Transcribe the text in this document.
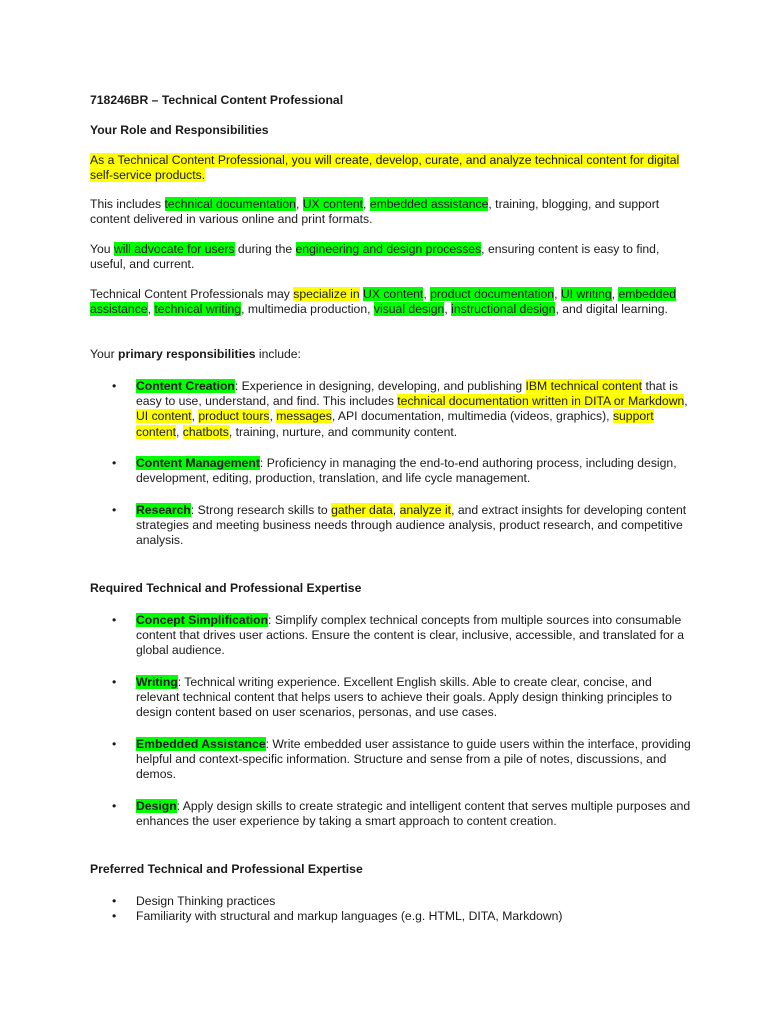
718246BR – Technical Content Professional

Your Role and Responsibilities

As a Technical Content Professional, you will create, develop, curate, and analyze technical content for digital self-service products.

This includes technical documentation, UX content, embedded assistance, training, blogging, and support content delivered in various online and print formats.

You will advocate for users during the engineering and design processes, ensuring content is easy to find, useful, and current.

Technical Content Professionals may specialize in UX content, product documentation, UI writing, embedded assistance, technical writing, multimedia production, visual design, instructional design, and digital learning.

Your primary responsibilities include:

• Content Creation: Experience in designing, developing, and publishing IBM technical content that is easy to use, understand, and find. This includes technical documentation written in DITA or Markdown, UI content, product tours, messages, API documentation, multimedia (videos, graphics), support content, chatbots, training, nurture, and community content.
• Content Management: Proficiency in managing the end-to-end authoring process, including design, development, editing, production, translation, and life cycle management.
• Research: Strong research skills to gather data, analyze it, and extract insights for developing content strategies and meeting business needs through audience analysis, product research, and competitive analysis.

Required Technical and Professional Expertise

• Concept Simplification: Simplify complex technical concepts from multiple sources into consumable content that drives user actions. Ensure the content is clear, inclusive, accessible, and translated for a global audience.
• Writing: Technical writing experience. Excellent English skills. Able to create clear, concise, and relevant technical content that helps users to achieve their goals. Apply design thinking principles to design content based on user scenarios, personas, and use cases.
• Embedded Assistance: Write embedded user assistance to guide users within the interface, providing helpful and context-specific information. Structure and sense from a pile of notes, discussions, and demos.
• Design: Apply design skills to create strategic and intelligent content that serves multiple purposes and enhances the user experience by taking a smart approach to content creation.

Preferred Technical and Professional Expertise

• Design Thinking practices
• Familiarity with structural and markup languages (e.g. HTML, DITA, Markdown)
